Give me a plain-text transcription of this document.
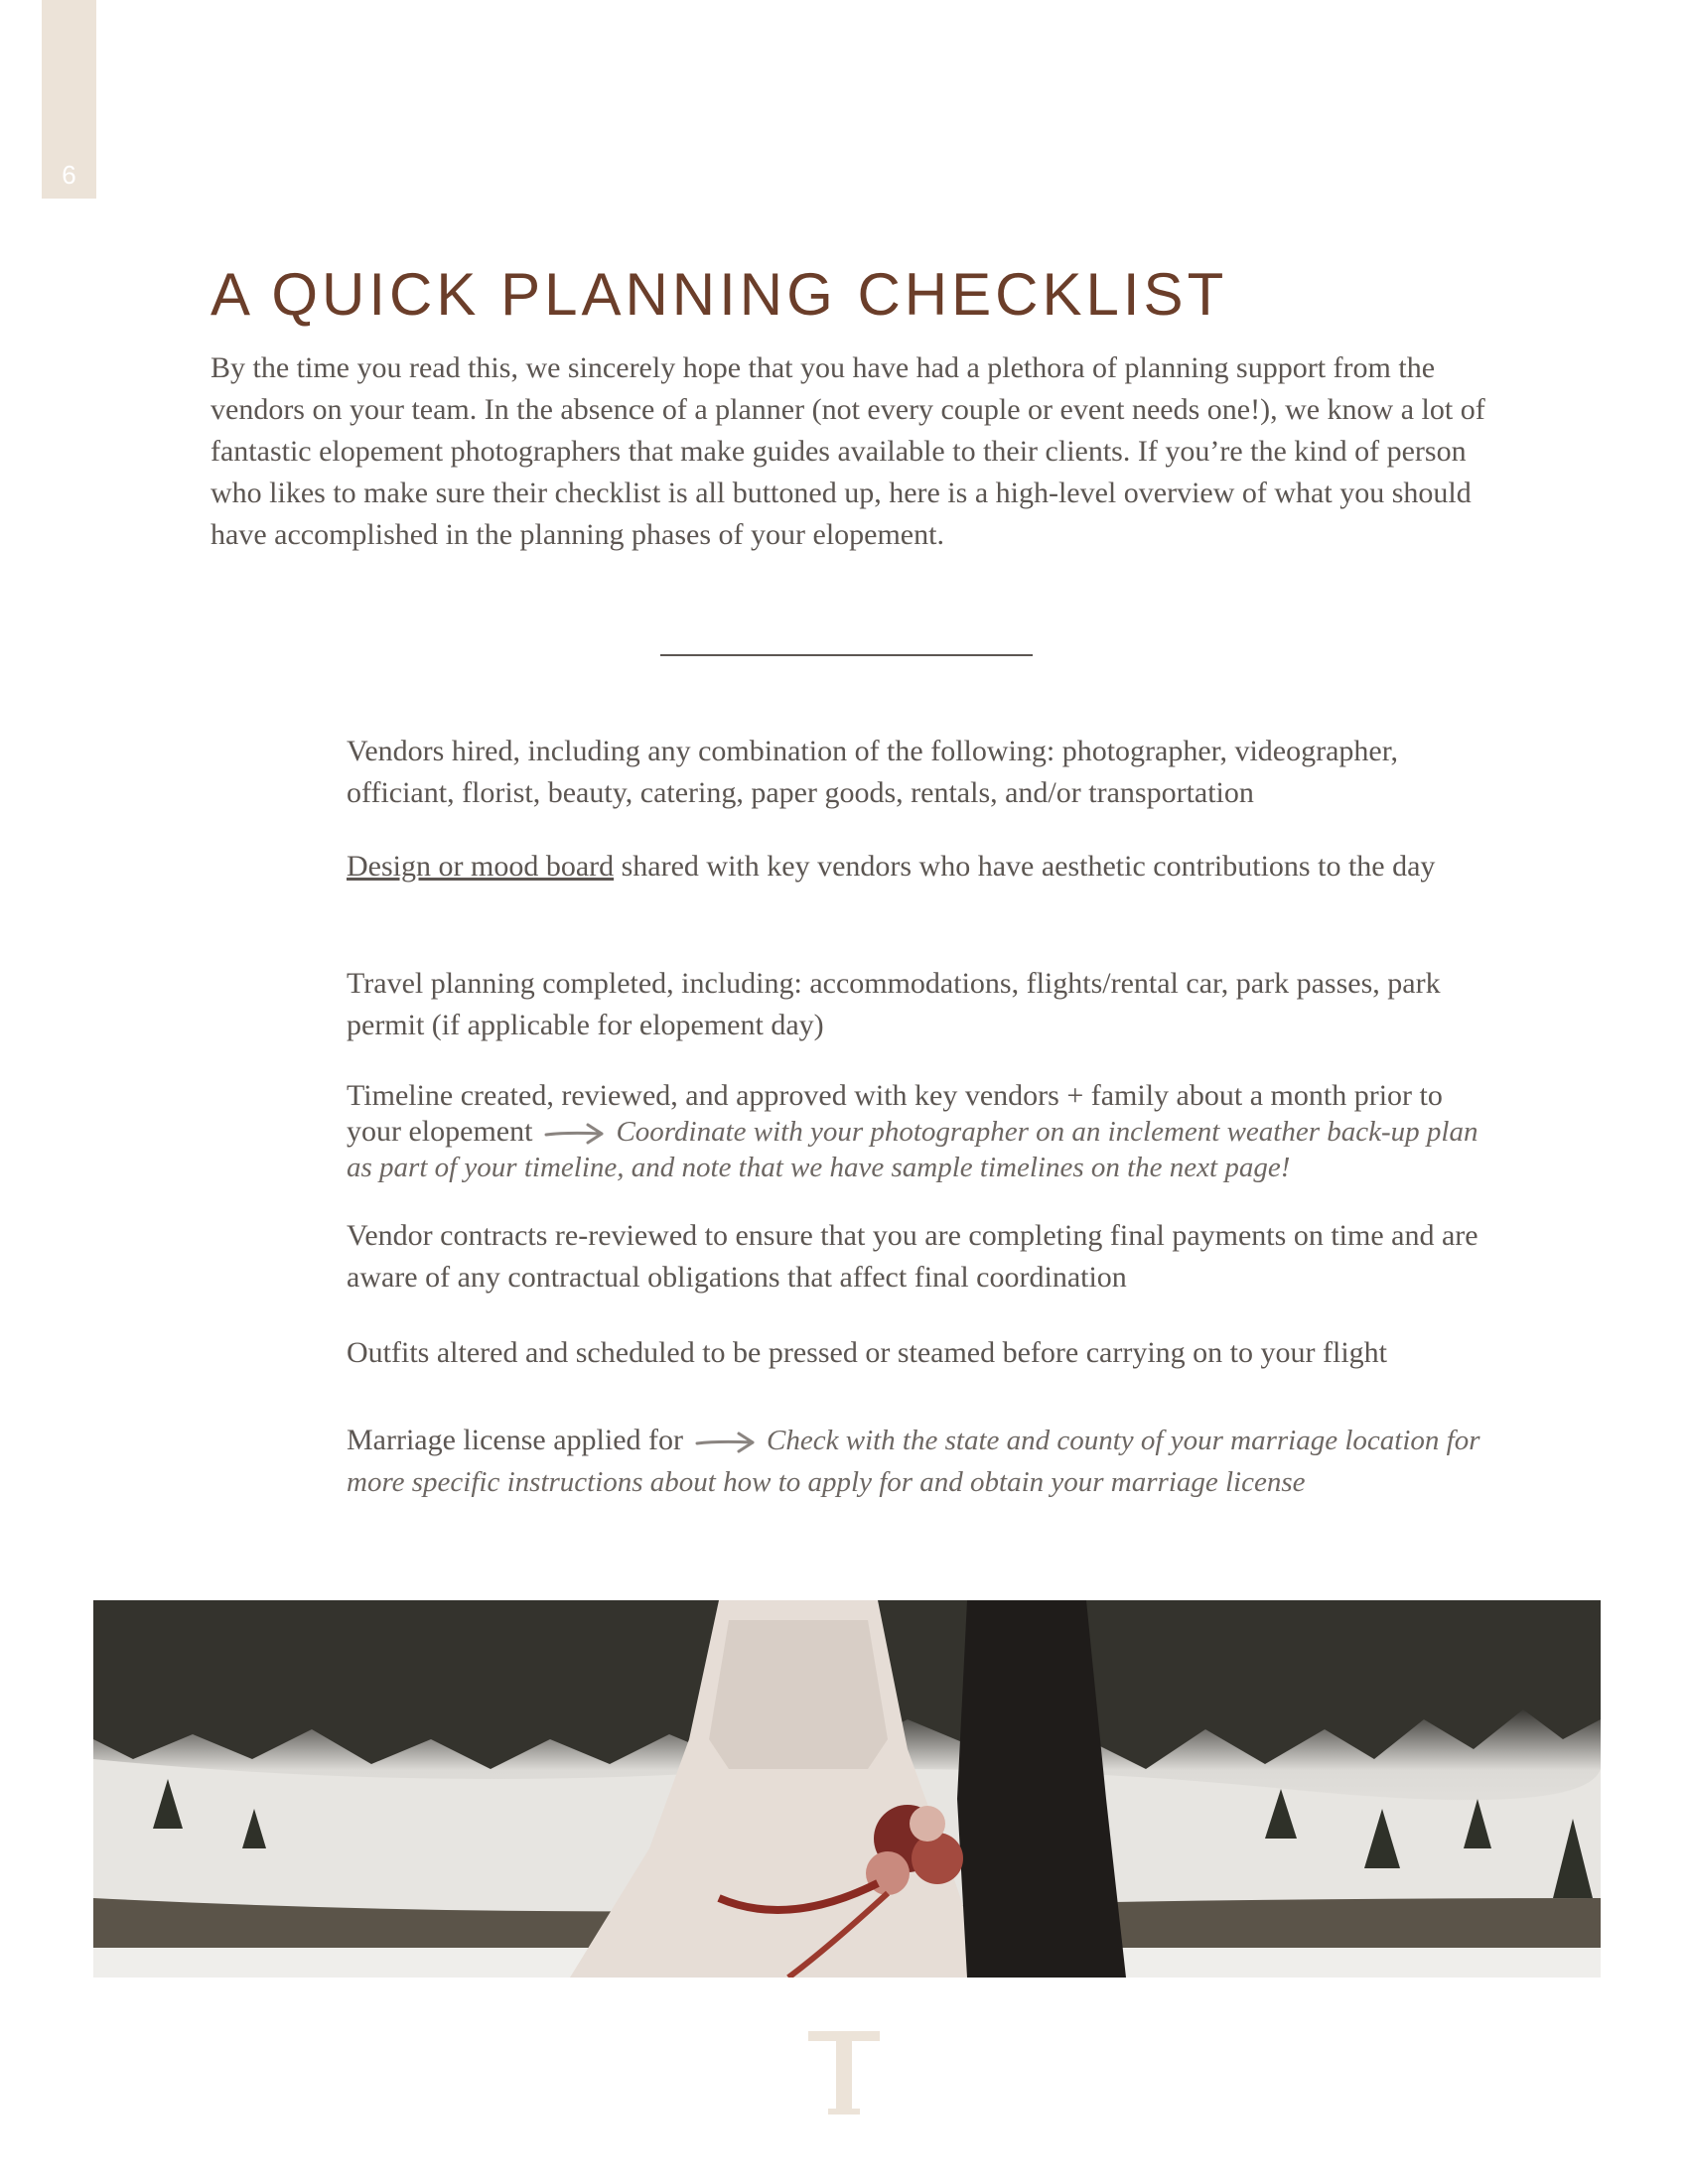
6
A QUICK PLANNING CHECKLIST

By the time you read this, we sincerely hope that you have had a plethora of planning support from the vendors on your team. In the absence of a planner (not every couple or event needs one!), we know a lot of fantastic elopement photographers that make guides available to their clients. If you’re the kind of person who likes to make sure their checklist is all buttoned up, here is a high-level overview of what you should have accomplished in the planning phases of your elopement.

Vendors hired, including any combination of the following: photographer, videographer, officiant, florist, beauty, catering, paper goods, rentals, and/or transportation

Design or mood board shared with key vendors who have aesthetic contributions to the day

Travel planning completed, including: accommodations, flights/rental car, park passes, park permit (if applicable for elopement day)

Timeline created, reviewed, and approved with key vendors + family about a month prior to your elopement	Coordinate with your photographer on an inclement weather back-up plan as part of your timeline, and note that we have sample timelines on the next page!

Vendor contracts re-reviewed to ensure that you are completing final payments on time and are aware of any contractual obligations that affect final coordination

Outfits altered and scheduled to be pressed or steamed before carrying on to your flight

Marriage license applied for	Check with the state and county of your marriage location for more specific instructions about how to apply for and obtain your marriage license
